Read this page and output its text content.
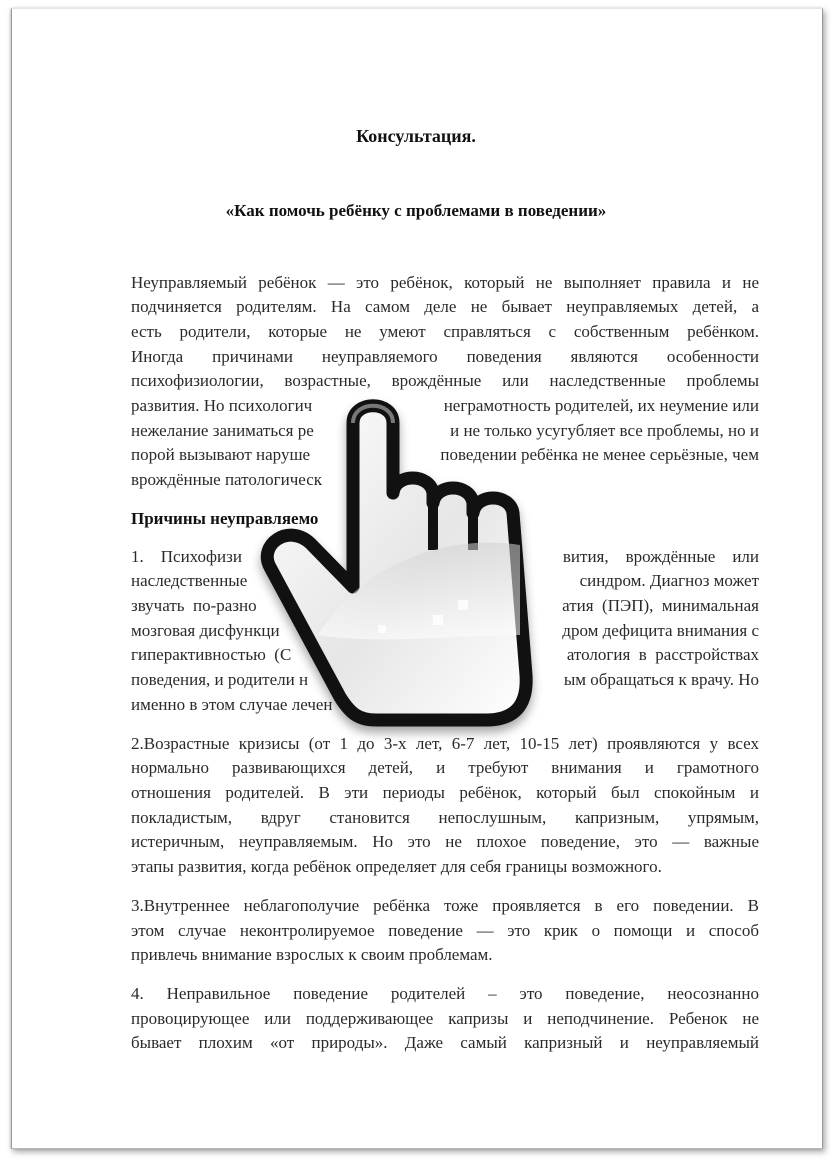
Консультация.
«Как помочь ребёнку с проблемами в поведении»
Неуправляемый ребёнок — это ребёнок, который не выполняет правила и не
подчиняется родителям. На самом деле не бывает неуправляемых детей, а
есть родители, которые не умеют справляться с собственным ребёнком.
Иногда причинами неуправляемого поведения являются особенности
психофизиологии, возрастные, врождённые или наследственные проблемы
развития. Но психологич	неграмотность родителей, их неумение или
нежелание заниматься ре	и не только усугубляет все проблемы, но и
порой вызывают наруше	поведении ребёнка не менее серьёзные, чем
врождённые патологическ
Причины неуправляемо
1.    Психофизи	вития,    врождённые    или
наследственные	синдром. Диагноз может
звучать  по-разно	атия  (ПЭП),  минимальная
мозговая дисфункци	дром дефицита внимания с
гиперактивностью  (С	атология  в  расстройствах
поведения, и родители н	ым обращаться к врачу. Но
именно в этом случае лечен
2.Возрастные кризисы (от 1 до 3-х лет, 6-7 лет, 10-15 лет) проявляются у всех
нормально развивающихся детей, и требуют внимания и грамотного
отношения родителей. В эти периоды ребёнок, который был спокойным и
покладистым, вдруг становится непослушным, капризным, упрямым,
истеричным, неуправляемым. Но это не плохое поведение, это — важные
этапы развития, когда ребёнок определяет для себя границы возможного.
3.Внутреннее неблагополучие ребёнка тоже проявляется в его поведении. В
этом случае неконтролируемое поведение — это крик о помощи и способ
привлечь внимание взрослых к своим проблемам.
4. Неправильное поведение родителей – это поведение, неосознанно
провоцирующее или поддерживающее капризы и неподчинение. Ребенок не
бывает плохим «от природы». Даже самый капризный и неуправляемый
